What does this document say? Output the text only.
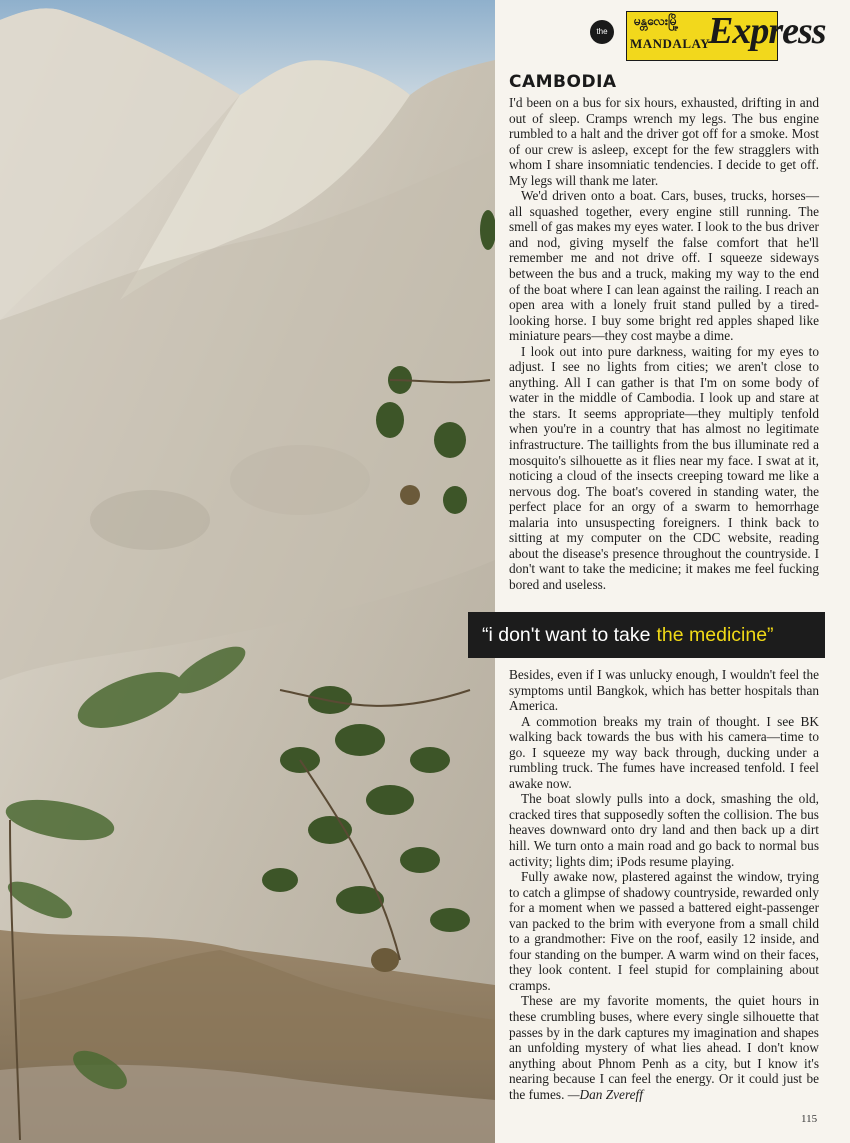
the
မန္တလေးမြို့
MANDALAY
Express
CAMBODIA

I'd been on a bus for six hours, exhausted, drifting in and out of sleep. Cramps wrench my legs. The bus engine rumbled to a halt and the driver got off for a smoke. Most of our crew is asleep, except for the few stragglers with whom I share insomniatic tendencies. I decide to get off. My legs will thank me later.

We'd driven onto a boat. Cars, buses, trucks, horses—all squashed together, every engine still running. The smell of gas makes my eyes water. I look to the bus driver and nod, giving myself the false comfort that he'll remember me and not drive off. I squeeze sideways between the bus and a truck, making my way to the end of the boat where I can lean against the railing. I reach an open area with a lonely fruit stand pulled by a tired-looking horse. I buy some bright red apples shaped like miniature pears—they cost maybe a dime.

I look out into pure darkness, waiting for my eyes to adjust. I see no lights from cities; we aren't close to anything. All I can gather is that I'm on some body of water in the middle of Cambodia. I look up and stare at the stars. It seems appropriate—they multiply tenfold when you're in a country that has almost no legitimate infrastructure. The taillights from the bus illuminate red a mosquito's silhouette as it flies near my face. I swat at it, noticing a cloud of the insects creeping toward me like a nervous dog. The boat's covered in standing water, the perfect place for an orgy of a swarm to hemorrhage malaria into unsuspecting foreigners. I think back to sitting at my computer on the CDC website, reading about the disease's presence throughout the countryside. I don't want to take the medicine; it makes me feel fucking bored and useless.

“i don't want to take the medicine”

Besides, even if I was unlucky enough, I wouldn't feel the symptoms until Bangkok, which has better hospitals than America.

A commotion breaks my train of thought. I see BK walking back towards the bus with his camera—time to go. I squeeze my way back through, ducking under a rumbling truck. The fumes have increased tenfold. I feel awake now.

The boat slowly pulls into a dock, smashing the old, cracked tires that supposedly soften the collision. The bus heaves downward onto dry land and then back up a dirt hill. We turn onto a main road and go back to normal bus activity; lights dim; iPods resume playing.

Fully awake now, plastered against the window, trying to catch a glimpse of shadowy countryside, rewarded only for a moment when we passed a battered eight-passenger van packed to the brim with everyone from a small child to a grandmother: Five on the roof, easily 12 inside, and four standing on the bumper. A warm wind on their faces, they look content. I feel stupid for complaining about cramps.

These are my favorite moments, the quiet hours in these crumbling buses, where every single silhouette that passes by in the dark captures my imagination and shapes an unfolding mystery of what lies ahead. I don't know anything about Phnom Penh as a city, but I know it's nearing because I can feel the energy. Or it could just be the fumes. —Dan Zvereff

115
